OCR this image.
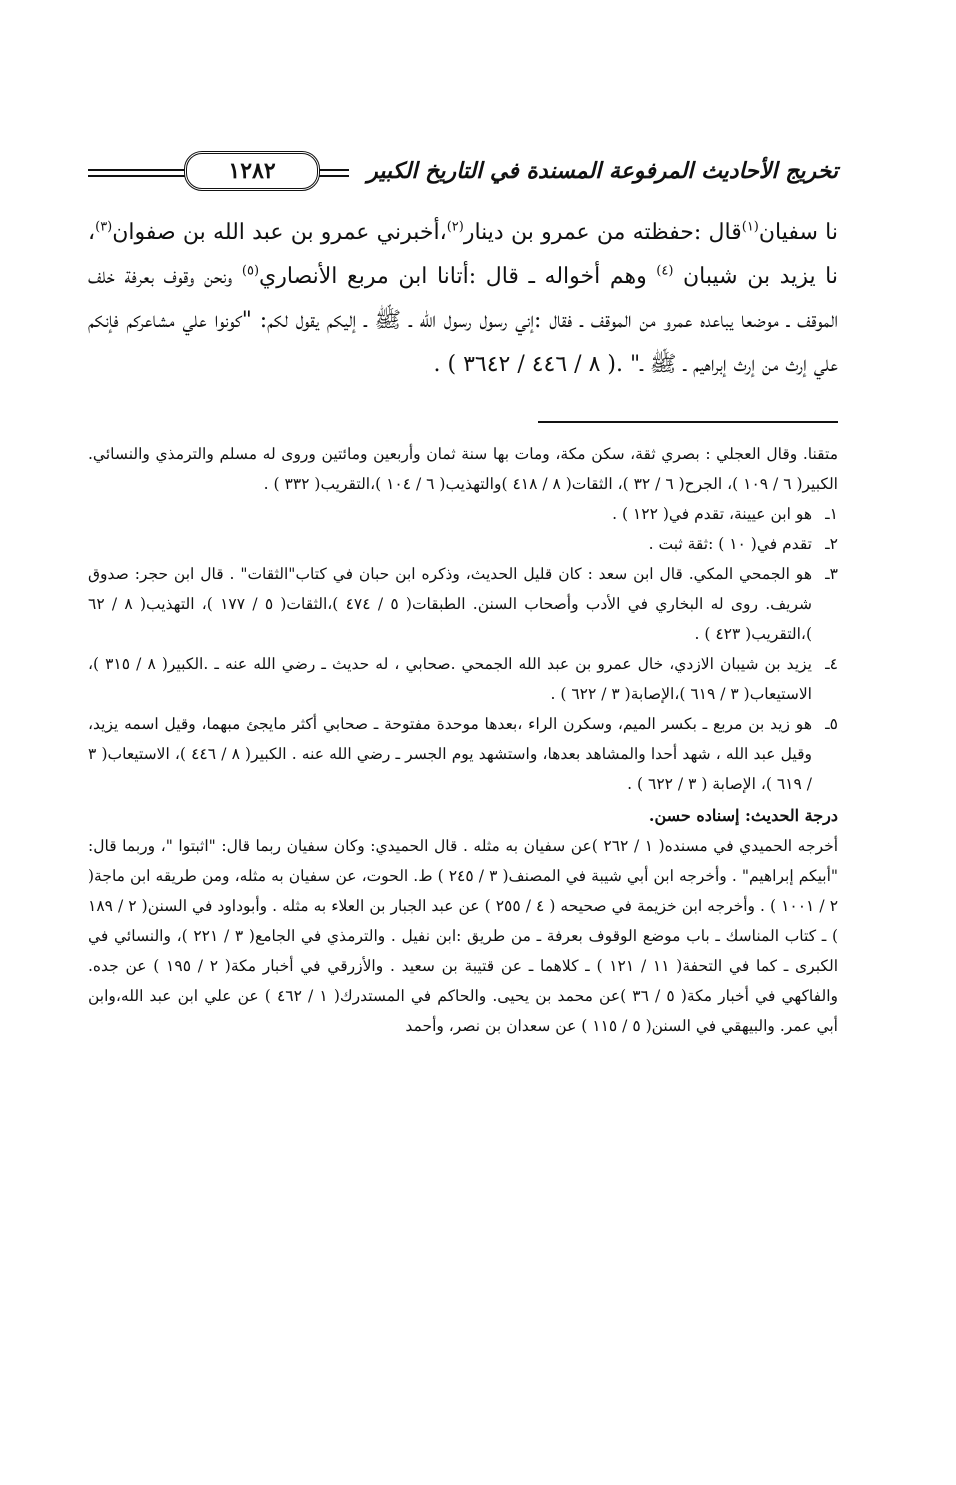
تخريج الأحاديث المرفوعة المسندة في التاريخ الكبير
١٢٨٢
نا سفيان$^{(١)}$قال :حفظته من عمرو بن دينار$^{(٢)}$،أخبرني عمرو بن عبد الله بن صفوان$^{(٣)}$، نا يزيد بن شيبان $^{(٤)}$ وهم أخواله ـ قال :أتانا ابن مربع الأنصاري$^{(٥)}$ ونحن وقوف بعرفة خلف الموقف ـ موضعا يباعده عمرو من الموقف ـ فقال :إني رسول رسول الله ـ ﷺ ـ إليكم يقول لكم: "كونوا علي مشاعركم فإنكم علي إرث من إرث إبراهيم ـ ﷺ ـ" .( ٨ / ٤٤٦ / ٣٦٤٢ ) .

متقنا. وقال العجلي : بصري ثقة، سكن مكة، ومات بها سنة ثمان وأربعين ومائتين وروى له مسلم والترمذي والنسائي. الكبير( ٦ / ١٠٩ )، الجرح( ٦ / ٣٢ )، الثقات( ٨ / ٤١٨ )والتهذيب( ٦ / ١٠٤ )،التقريب( ٣٣٢ ) .

١ـ
هو ابن عيينة، تقدم في( ١٢٢ ) .
٢ـ
تقدم في( ١٠ ) :ثقة ثبت .
٣ـ
هو الجمحي المكي. قال ابن سعد : كان قليل الحديث، وذكره ابن حبان في كتاب"الثقات" . قال ابن حجر: صدوق شريف. روى له البخاري في الأدب وأصحاب السنن. الطبقات( ٥ / ٤٧٤ )،الثقات( ٥ / ١٧٧ )، التهذيب( ٨ / ٦٢ )،التقريب( ٤٢٣ ) .
٤ـ
يزيد بن شيبان الازدي، خال عمرو بن عبد الله الجمحي .صحابي ، له حديث ـ رضي الله عنه ـ .الكبير( ٨ / ٣١٥ )، الاستيعاب( ٣ / ٦١٩ )،الإصابة( ٣ / ٦٢٢ ) .
٥ـ
هو زيد بن مربع ـ بكسر الميم، وسكرن الراء ،بعدها موحدة مفتوحة ـ صحابي أكثر مايجئ مبهما، وقيل اسمه يزيد، وقيل عبد الله ، شهد أحدا والمشاهد بعدها، واستشهد يوم الجسر ـ رضي الله عنه . الكبير( ٨ / ٤٤٦ )، الاستيعاب( ٣ / ٦١٩ )، الإصابة ( ٣ / ٦٢٢ ) .

درجة الحديث: إسناده حسن.

أخرجه الحميدي في مسنده( ١ / ٢٦٢ )عن سفيان به مثله . قال الحميدي: وكان سفيان ربما قال: "اثبتوا "، وربما قال: "أبيكم إبراهيم" . وأخرجه ابن أبي شيبة في المصنف( ٣ / ٢٤٥ ) ط. الحوت، عن سفيان به مثله، ومن طريقه ابن ماجة( ٢ / ١٠٠١ ) . وأخرجه ابن خزيمة في صحيحه ( ٤ / ٢٥٥ ) عن عبد الجبار بن العلاء به مثله . وأبوداود في السنن( ٢ / ١٨٩ ) ـ كتاب المناسك ـ باب موضع الوقوف بعرفة ـ من طريق :ابن نفيل . والترمذي في الجامع( ٣ / ٢٢١ )، والنسائي في الكبرى ـ كما في التحفة( ١١ / ١٢١ ) ـ كلاهما ـ عن قتيبة بن سعيد . والأزرقي في أخبار مكة( ٢ / ١٩٥ ) عن جده. والفاكهي في أخبار مكة( ٥ / ٣٦ )عن محمد بن يحيى. والحاكم في المستدرك( ١ / ٤٦٢ ) عن علي ابن عبد الله،وابن أبي عمر. والبيهقي في السنن( ٥ / ١١٥ ) عن سعدان بن نصر، وأحمد
